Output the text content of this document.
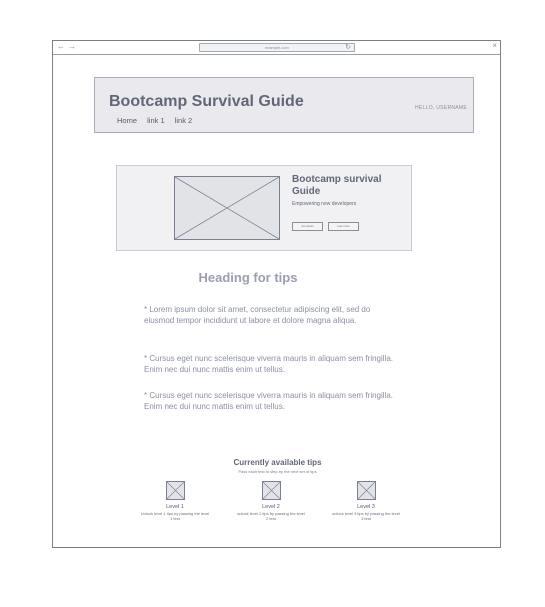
←→	example.com	↻	×
Bootcamp Survival Guide	HELLO, USERNAME
Home link 1 link 2
Bootcamp survival Guide
Empowering new developers
Get started	Learn more
Heading for tips
* Lorem ipsum dolor sit amet, consectetur adipiscing elit, sed do eiusmod tempor incididunt ut labore et dolore magna aliqua.
* Cursus eget nunc scelerisque viverra mauris in aliquam sem fringilla. Enim nec dui nunc mattis enim ut tellus.
* Cursus eget nunc scelerisque viverra mauris in aliquam sem fringilla. Enim nec dui nunc mattis enim ut tellus.
Currently available tips
Pass each test to step by the next set of tips
Level 1
Unlock level 1 tips by passing the level 1 test
Level 2
unlock level 2 tips by passing the level 2 test
Level 3
unlock level 3 tips by passing the level 3 test
